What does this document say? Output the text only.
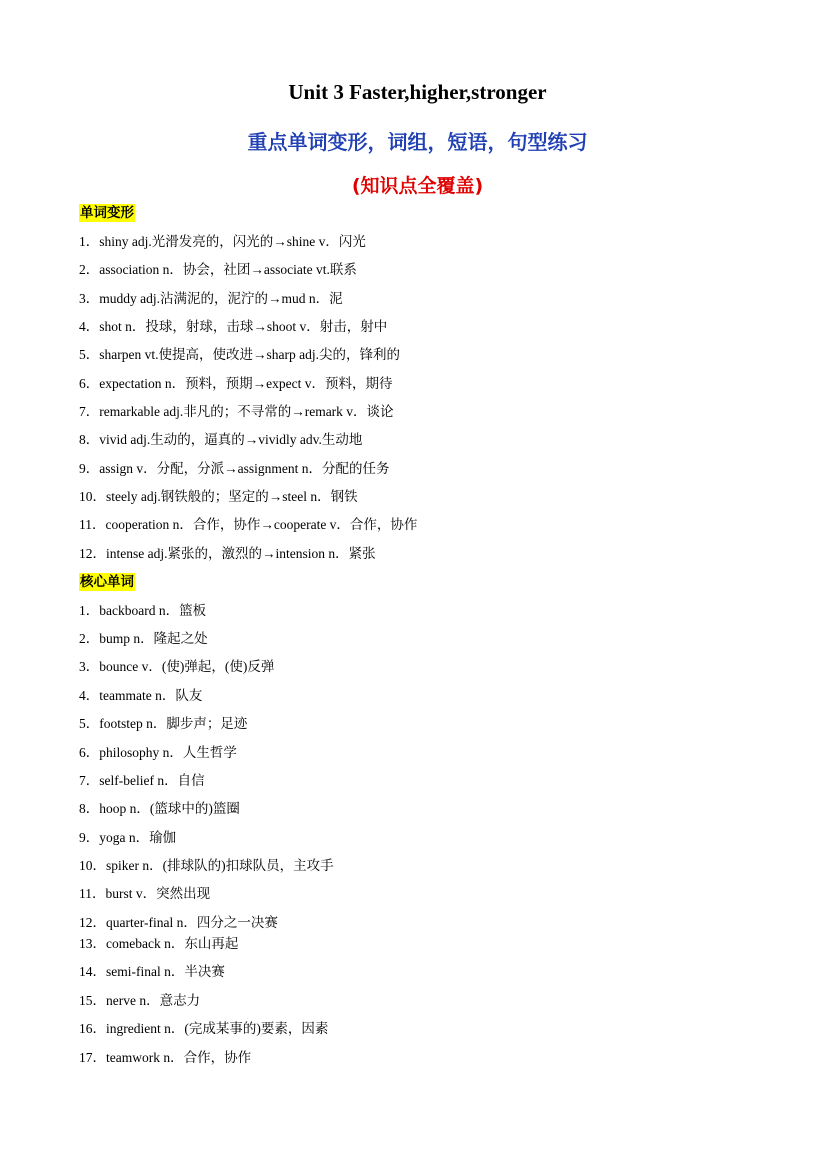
Unit 3 Faster,higher,stronger
重点单词变形，词组，短语，句型练习
(知识点全覆盖)
单词变形
1．shiny adj.光滑发亮的，闪光的→shine v．闪光
2．association n．协会，社团→associate vt.联系
3．muddy adj.沾满泥的，泥泞的→mud n．泥
4．shot n．投球，射球，击球→shoot v．射击，射中
5．sharpen vt.使提高，使改进→sharp adj.尖的，锋利的
6．expectation n．预料，预期→expect v．预料，期待
7．remarkable adj.非凡的；不寻常的→remark v．谈论
8．vivid adj.生动的，逼真的→vividly adv.生动地
9．assign v．分配，分派→assignment n．分配的任务
10．steely adj.钢铁般的；坚定的→steel n．钢铁
11．cooperation n．合作，协作→cooperate v．合作，协作
12．intense adj.紧张的，激烈的→intension n．紧张
核心单词
1．backboard n．篮板
2．bump n．隆起之处
3．bounce v．(使)弹起，(使)反弹
4．teammate n．队友
5．footstep n．脚步声；足迹
6．philosophy n．人生哲学
7．self-belief n．自信
8．hoop n．(篮球中的)篮圈
9．yoga n．瑜伽
10．spiker n．(排球队的)扣球队员，主攻手
11．burst v．突然出现
12．quarter-final n．四分之一决赛
13．comeback n．东山再起
14．semi-final n．半决赛
15．nerve n．意志力
16．ingredient n．(完成某事的)要素，因素
17．teamwork n．合作，协作
